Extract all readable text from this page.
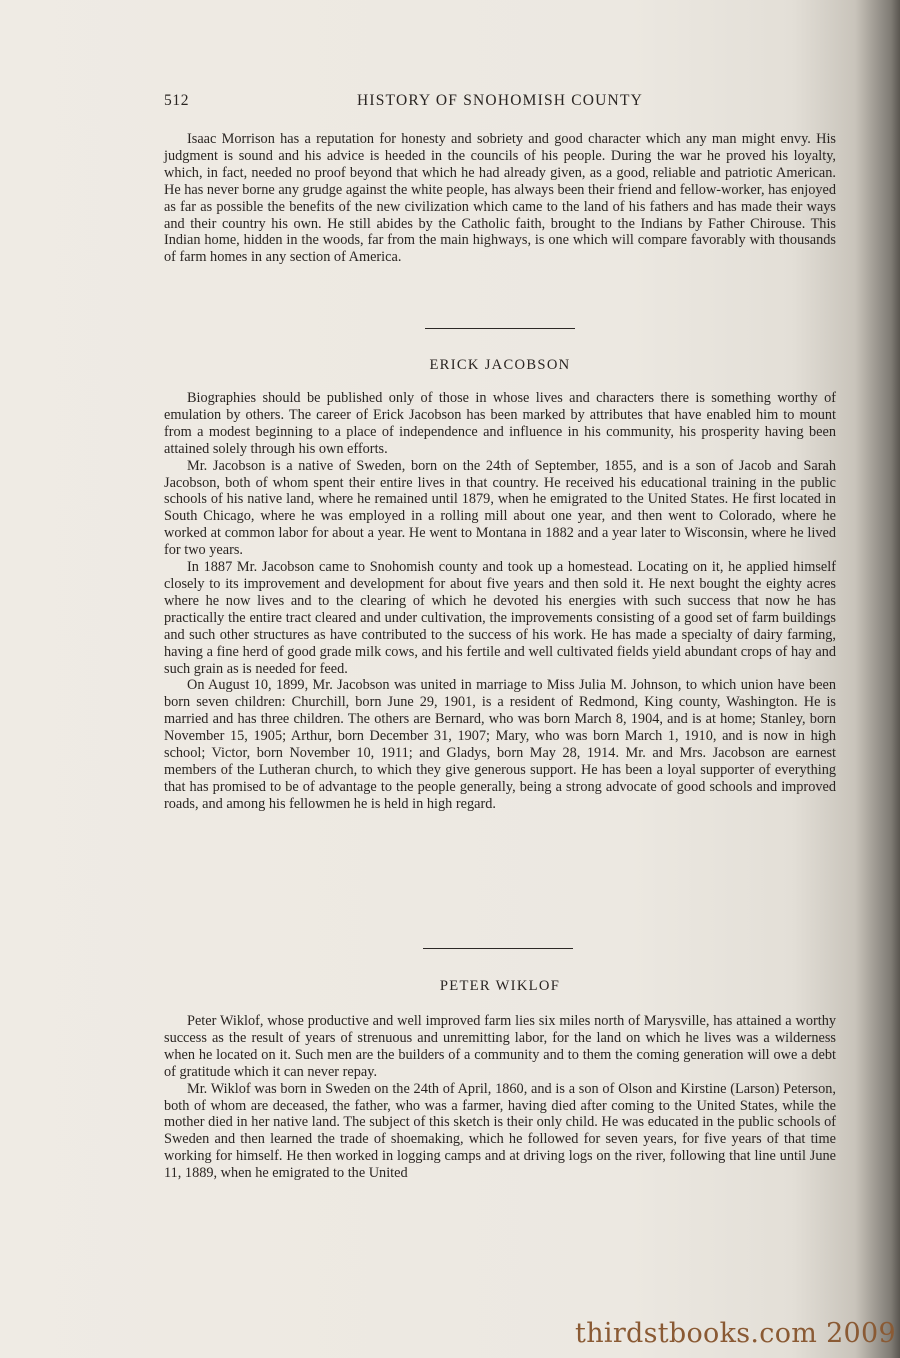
512	HISTORY OF SNOHOMISH COUNTY

Isaac Morrison has a reputation for honesty and sobriety and good character which any man might envy. His judgment is sound and his advice is heeded in the councils of his people. During the war he proved his loyalty, which, in fact, needed no proof beyond that which he had already given, as a good, reliable and patriotic American. He has never borne any grudge against the white people, has always been their friend and fellow-worker, has enjoyed as far as possible the benefits of the new civilization which came to the land of his fathers and has made their ways and their country his own. He still abides by the Catholic faith, brought to the Indians by Father Chirouse. This Indian home, hidden in the woods, far from the main highways, is one which will compare favorably with thousands of farm homes in any section of America.

ERICK JACOBSON

Biographies should be published only of those in whose lives and characters there is something worthy of emulation by others. The career of Erick Jacobson has been marked by attributes that have enabled him to mount from a modest beginning to a place of independence and influence in his community, his prosperity having been attained solely through his own efforts.

Mr. Jacobson is a native of Sweden, born on the 24th of September, 1855, and is a son of Jacob and Sarah Jacobson, both of whom spent their entire lives in that country. He received his educational training in the public schools of his native land, where he remained until 1879, when he emigrated to the United States. He first located in South Chicago, where he was employed in a rolling mill about one year, and then went to Colorado, where he worked at common labor for about a year. He went to Montana in 1882 and a year later to Wisconsin, where he lived for two years.

In 1887 Mr. Jacobson came to Snohomish county and took up a homestead. Locating on it, he applied himself closely to its improvement and development for about five years and then sold it. He next bought the eighty acres where he now lives and to the clearing of which he devoted his energies with such success that now he has practically the entire tract cleared and under cultivation, the improvements consisting of a good set of farm buildings and such other structures as have contributed to the success of his work. He has made a specialty of dairy farming, having a fine herd of good grade milk cows, and his fertile and well cultivated fields yield abundant crops of hay and such grain as is needed for feed.

On August 10, 1899, Mr. Jacobson was united in marriage to Miss Julia M. Johnson, to which union have been born seven children: Churchill, born June 29, 1901, is a resident of Redmond, King county, Washington. He is married and has three children. The others are Bernard, who was born March 8, 1904, and is at home; Stanley, born November 15, 1905; Arthur, born December 31, 1907; Mary, who was born March 1, 1910, and is now in high school; Victor, born November 10, 1911; and Gladys, born May 28, 1914. Mr. and Mrs. Jacobson are earnest members of the Lutheran church, to which they give generous support. He has been a loyal supporter of everything that has promised to be of advantage to the people generally, being a strong advocate of good schools and improved roads, and among his fellowmen he is held in high regard.

PETER WIKLOF

Peter Wiklof, whose productive and well improved farm lies six miles north of Marysville, has attained a worthy success as the result of years of strenuous and unremitting labor, for the land on which he lives was a wilderness when he located on it. Such men are the builders of a community and to them the coming generation will owe a debt of gratitude which it can never repay.

Mr. Wiklof was born in Sweden on the 24th of April, 1860, and is a son of Olson and Kirstine (Larson) Peterson, both of whom are deceased, the father, who was a farmer, having died after coming to the United States, while the mother died in her native land. The subject of this sketch is their only child. He was educated in the public schools of Sweden and then learned the trade of shoemaking, which he followed for seven years, for five years of that time working for himself. He then worked in logging camps and at driving logs on the river, following that line until June 11, 1889, when he emigrated to the United

thirdstbooks.com 2009
